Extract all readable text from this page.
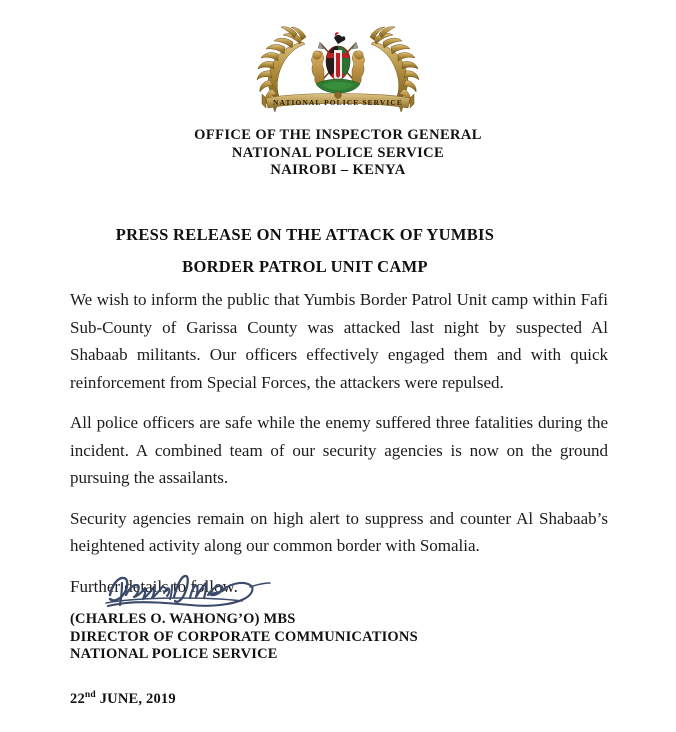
NATIONAL POLICE SERVICE
OFFICE OF THE INSPECTOR GENERAL
NATIONAL POLICE SERVICE
NAIROBI – KENYA
PRESS RELEASE ON THE ATTACK OF YUMBIS
BORDER PATROL UNIT CAMP

We wish to inform the public that Yumbis Border Patrol Unit camp within Fafi Sub-County of Garissa County was attacked last night by suspected Al Shabaab militants. Our officers effectively engaged them and with quick reinforcement from Special Forces, the attackers were repulsed.

All police officers are safe while the enemy suffered three fatalities during the incident. A combined team of our security agencies is now on the ground pursuing the assailants.

Security agencies remain on high alert to suppress and counter Al Shabaab’s heightened activity along our common border with Somalia.

Further details to follow.

(CHARLES O. WAHONG’O) MBS
DIRECTOR OF CORPORATE COMMUNICATIONS
NATIONAL POLICE SERVICE
22nd JUNE, 2019
